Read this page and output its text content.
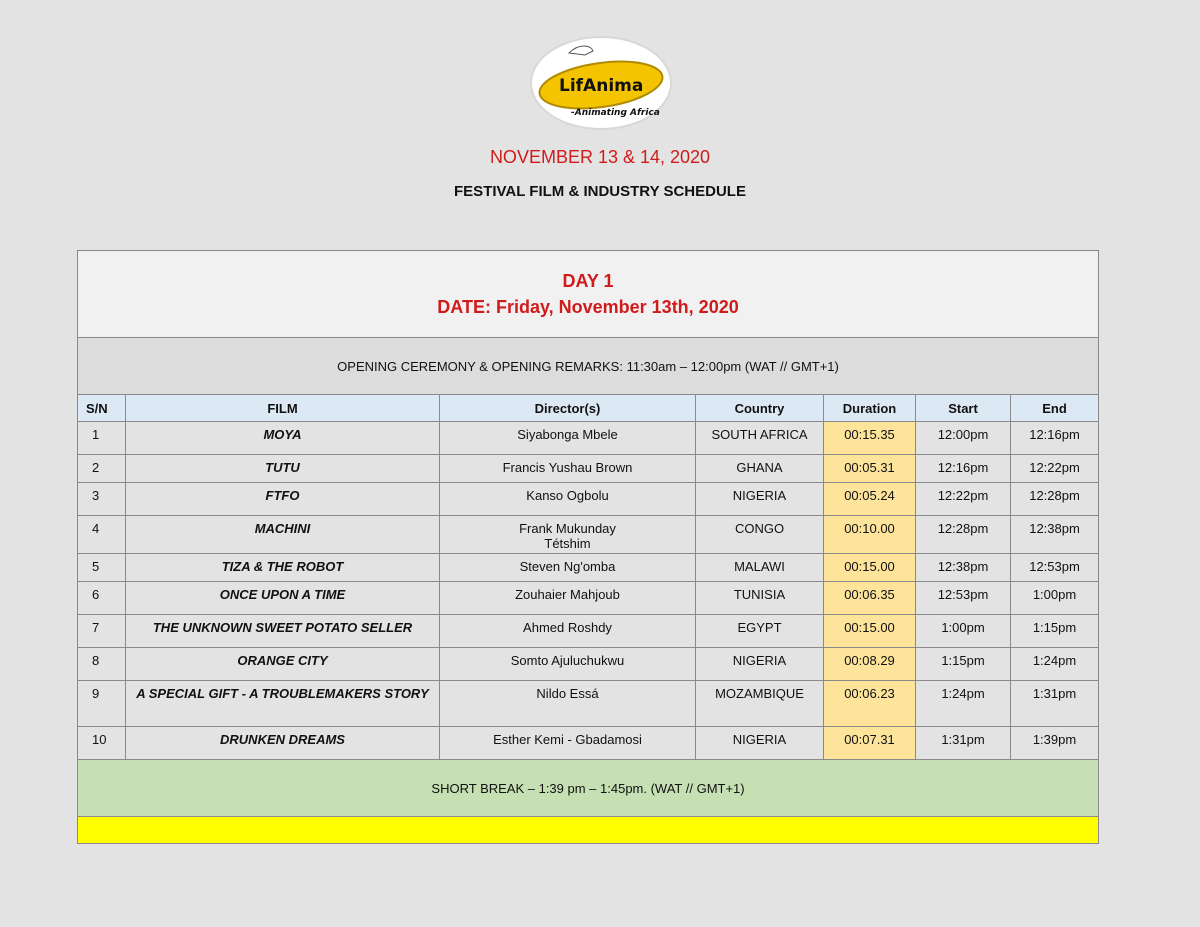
LifAnima
-Animating Africa
NOVEMBER 13 & 14, 2020
FESTIVAL FILM & INDUSTRY SCHEDULE
DAY 1
DATE: Friday, November 13th, 2020						

OPENING CEREMONY & OPENING REMARKS: 11:30am – 12:00pm (WAT // GMT+1)						
S/N	FILM	Director(s)	Country	Duration	Start	End
1	MOYA	Siyabonga Mbele	SOUTH AFRICA	00:15.35	12:00pm	12:16pm
2	TUTU	Francis Yushau Brown	GHANA	00:05.31	12:16pm	12:22pm
3	FTFO	Kanso Ogbolu	NIGERIA	00:05.24	12:22pm	12:28pm
4	MACHINI	Frank Mukunday
Tétshim	CONGO	00:10.00	12:28pm	12:38pm
5	TIZA & THE ROBOT	Steven Ng'omba	MALAWI	00:15.00	12:38pm	12:53pm
6	ONCE UPON A TIME	Zouhaier Mahjoub	TUNISIA	00:06.35	12:53pm	1:00pm
7	THE UNKNOWN SWEET POTATO SELLER	Ahmed Roshdy	EGYPT	00:15.00	1:00pm	1:15pm
8	ORANGE CITY	Somto Ajuluchukwu	NIGERIA	00:08.29	1:15pm	1:24pm
9	A SPECIAL GIFT - A TROUBLEMAKERS STORY	Nildo Essá	MOZAMBIQUE	00:06.23	1:24pm	1:31pm
10	DRUNKEN DREAMS	Esther Kemi - Gbadamosi	NIGERIA	00:07.31	1:31pm	1:39pm
SHORT BREAK – 1:39 pm – 1:45pm. (WAT // GMT+1)						
